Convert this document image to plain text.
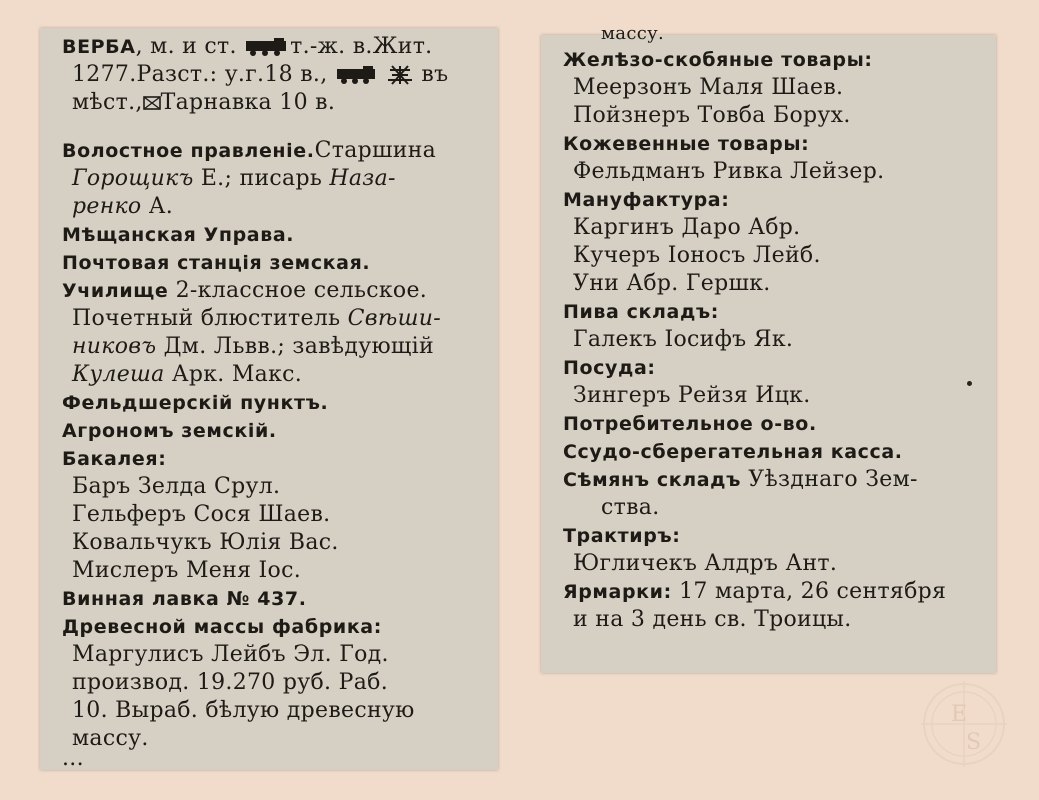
ВЕРБА, м. и ст. т.-ж. в.Жит.
1277.Разст.: у.г.18 в.,	въ
мѣст., Тарнавка 10 в.
Волостное правленіе.Старшина
Горощикъ Е.; писарь Наза-
ренко А.
Мѣщанская Управа.
Почтовая станція земская.
Училище 2-классное сельское.
Почетный блюститель Свѣши-
никовъ Дм. Львв.; завѣдующій
Кулеша Арк. Макс.
Фельдшерскій пунктъ.
Агрономъ земскій.
Бакалея:
Баръ Зелда Срул.
Гельферъ Сося Шаев.
Ковальчукъ Юлія Вас.
Мислеръ Меня Іос.
Винная лавка № 437.
Древесной массы фабрика:
Маргулисъ Лейбъ Эл. Год.
производ. 19.270 руб. Раб.
10. Выраб. бѣлую древесную
массу.
...
массу.
Желѣзо-скобяные товары:
Меерзонъ Маля Шаев.
Пойзнеръ Товба Борух.
Кожевенные товары:
Фельдманъ Ривка Лейзер.
Мануфактура:
Каргинъ Даро Абр.
Кучеръ Іоносъ Лейб.
Уни Абр. Гершк.
Пива складъ:
Галекъ Іосифъ Як.
Посуда:
Зингеръ Рейзя Ицк.
Потребительное о-во.
Ссудо-сберегательная касса.
Сѣмянъ складъ Уѣзднаго Зем-
ства.
Трактиръ:
Югличекъ Алдръ Ант.
Ярмарки: 17 марта, 26 сентября
и на 3 день св. Троицы.
E
S
